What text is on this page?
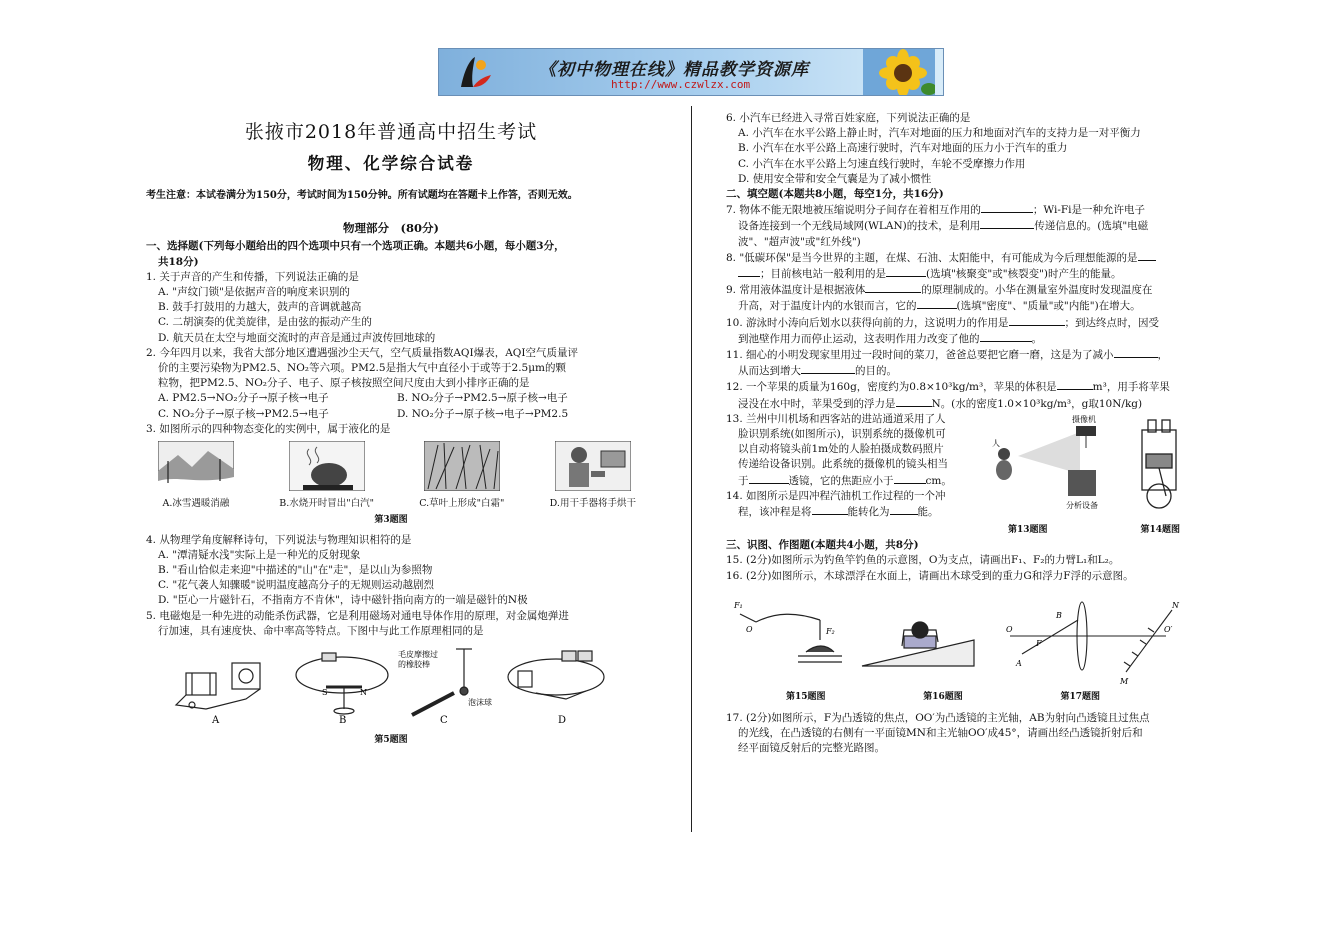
《初中物理在线》精品教学资源库
http://www.czwlzx.com
张掖市2018年普通高中招生考试
物理、化学综合试卷
考生注意：本试卷满分为150分，考试时间为150分钟。所有试题均在答题卡上作答，否则无效。
物理部分　(80分)
一、选择题(下列每小题给出的四个选项中只有一个选项正确。本题共6小题，每小题3分，
共18分)
1. 关于声音的产生和传播，下列说法正确的是
A. "声纹门锁"是依据声音的响度来识别的
B. 鼓手打鼓用的力越大，鼓声的音调就越高
C. 二胡演奏的优美旋律，是由弦的振动产生的
D. 航天员在太空与地面交流时的声音是通过声波传回地球的
2. 今年四月以来，我省大部分地区遭遇强沙尘天气，空气质量指数AQI爆表，AQI空气质量评
价的主要污染物为PM2.5、NO₂等六项。PM2.5是指大气中直径小于或等于2.5μm的颗
粒物，把PM2.5、NO₂分子、电子、原子核按照空间尺度由大到小排序正确的是
A. PM2.5→NO₂分子→原子核→电子	B. NO₂分子→PM2.5→原子核→电子
C. NO₂分子→原子核→PM2.5→电子	D. NO₂分子→原子核→电子→PM2.5
3. 如图所示的四种物态变化的实例中，属于液化的是
A.冰雪遇暖消融	B.水烧开时冒出"白汽"	C.草叶上形成"白霜"	D.用干手器将手烘干
第3题图
4. 从物理学角度解释诗句，下列说法与物理知识相符的是
A. "潭清疑水浅"实际上是一种光的反射现象
B. "看山恰似走来迎"中描述的"山"在"走"，是以山为参照物
C. "花气袭人知骤暖"说明温度越高分子的无规则运动越剧烈
D. "臣心一片磁针石，不指南方不肯休"，诗中磁针指向南方的一端是磁针的N极
5. 电磁炮是一种先进的动能杀伤武器，它是利用磁场对通电导体作用的原理，对金属炮弹进
行加速，具有速度快、命中率高等特点。下图中与此工作原理相同的是
A
S	N
B
毛皮摩擦过
的橡胶棒
泡沫球
C	D
第5题图
6. 小汽车已经进入寻常百姓家庭，下列说法正确的是
A. 小汽车在水平公路上静止时，汽车对地面的压力和地面对汽车的支持力是一对平衡力
B. 小汽车在水平公路上高速行驶时，汽车对地面的压力小于汽车的重力
C. 小汽车在水平公路上匀速直线行驶时，车轮不受摩擦力作用
D. 使用安全带和安全气囊是为了减小惯性
二、填空题(本题共8小题，每空1分，共16分)
7. 物体不能无限地被压缩说明分子间存在着相互作用的	；Wi-Fi是一种允许电子
设备连接到一个无线局域网(WLAN)的技术，是利用	传递信息的。(选填"电磁
波"、"超声波"或"红外线")
8. "低碳环保"是当今世界的主题，在煤、石油、太阳能中，有可能成为今后理想能源的是
；目前核电站一般利用的是	(选填"核聚变"或"核裂变")时产生的能量。
9. 常用液体温度计是根据液体	的原理制成的。小华在测量室外温度时发现温度在
升高，对于温度计内的水银而言，它的	(选填"密度"、"质量"或"内能")在增大。
10. 游泳时小涛向后划水以获得向前的力，这说明力的作用是	；到达终点时，因受
到池壁作用力而停止运动，这表明作用力改变了他的	。
11. 细心的小明发现家里用过一段时间的菜刀，爸爸总要把它磨一磨，这是为了减小	，
从而达到增大	的目的。
12. 一个苹果的质量为160g，密度约为0.8×10³kg/m³，苹果的体积是	m³，用手将苹果
浸没在水中时，苹果受到的浮力是	N。(水的密度1.0×10³kg/m³，g取10N/kg)
13. 兰州中川机场和西客站的进站通道采用了人
脸识别系统(如图所示)，识别系统的摄像机可
以自动将镜头前1m处的人脸拍摄成数码照片
传递给设备识别。此系统的摄像机的镜头相当
于	透镜，它的焦距应小于	cm。
14. 如图所示是四冲程汽油机工作过程的一个冲
程，该冲程是将	能转化为	能。
人
摄像机
分析设备
第13题图	第14题图
三、识图、作图题(本题共4小题，共8分)
15. (2分)如图所示为钓鱼竿钓鱼的示意图，O为支点，请画出F₁、F₂的力臂L₁和L₂。
16. (2分)如图所示，木球漂浮在水面上，请画出木球受到的重力G和浮力F浮的示意图。
F₁
O	F₂	O
F
B
A
N
M
O′
第15题图	第16题图	第17题图
17. (2分)如图所示，F为凸透镜的焦点，OO′为凸透镜的主光轴，AB为射向凸透镜且过焦点
的光线，在凸透镜的右侧有一平面镜MN和主光轴OO′成45°，请画出经凸透镜折射后和
经平面镜反射后的完整光路图。
